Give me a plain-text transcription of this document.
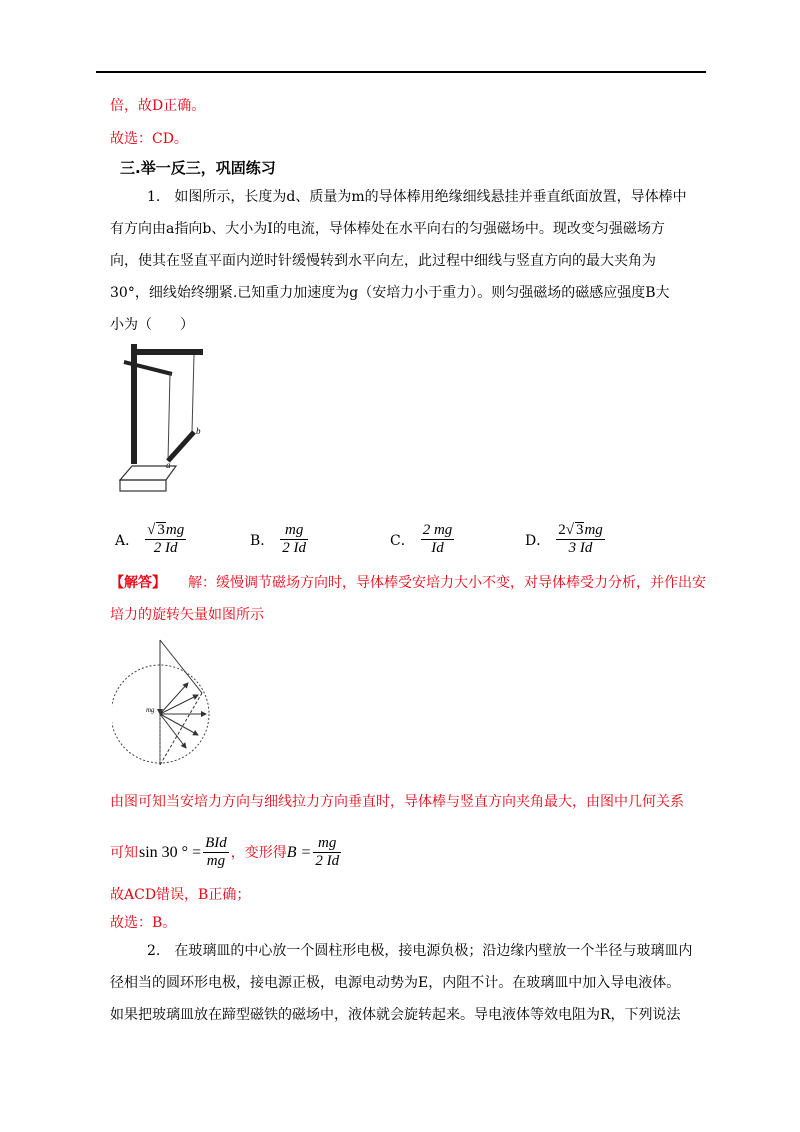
倍，故D正确。
故选：CD。
三.举一反三，巩固练习
1.　如图所示，长度为d、质量为m的导体棒用绝缘细线悬挂并垂直纸面放置，导体棒中
有方向由a指向b、大小为I的电流，导体棒处在水平向右的匀强磁场中。现改变匀强磁场方
向，使其在竖直平面内逆时针缓慢转到水平向左，此过程中细线与竖直方向的最大夹角为
30°，细线始终绷紧.已知重力加速度为g（安培力小于重力）。则匀强磁场的磁感应强度B大
小为（　　）
b
a
A． $\frac{√ 3mg}{2 Id}$	B． $\frac{mg}{2 Id}$	C． $\frac{2 mg}{Id}$	D． $\frac{2√ 3mg}{3 Id}$
【解答】 解：缓慢调节磁场方向时，导体棒受安培力大小不变，对导体棒受力分析，并作出安
培力的旋转矢量如图所示
mg
由图可知当安培力方向与细线拉力方向垂直时，导体棒与竖直方向夹角最大，由图中几何关系
可知 sin 30 ° = $\frac{\text{BId}}{mg}$ ，变形得 $B = \frac{mg}{2 Id}$
故ACD错误，B正确；
故选：B。
2.　在玻璃皿的中心放一个圆柱形电极，接电源负极；沿边缘内壁放一个半径与玻璃皿内
径相当的圆环形电极，接电源正极，电源电动势为E，内阻不计。在玻璃皿中加入导电液体。
如果把玻璃皿放在蹄型磁铁的磁场中，液体就会旋转起来。导电液体等效电阻为R，下列说法
